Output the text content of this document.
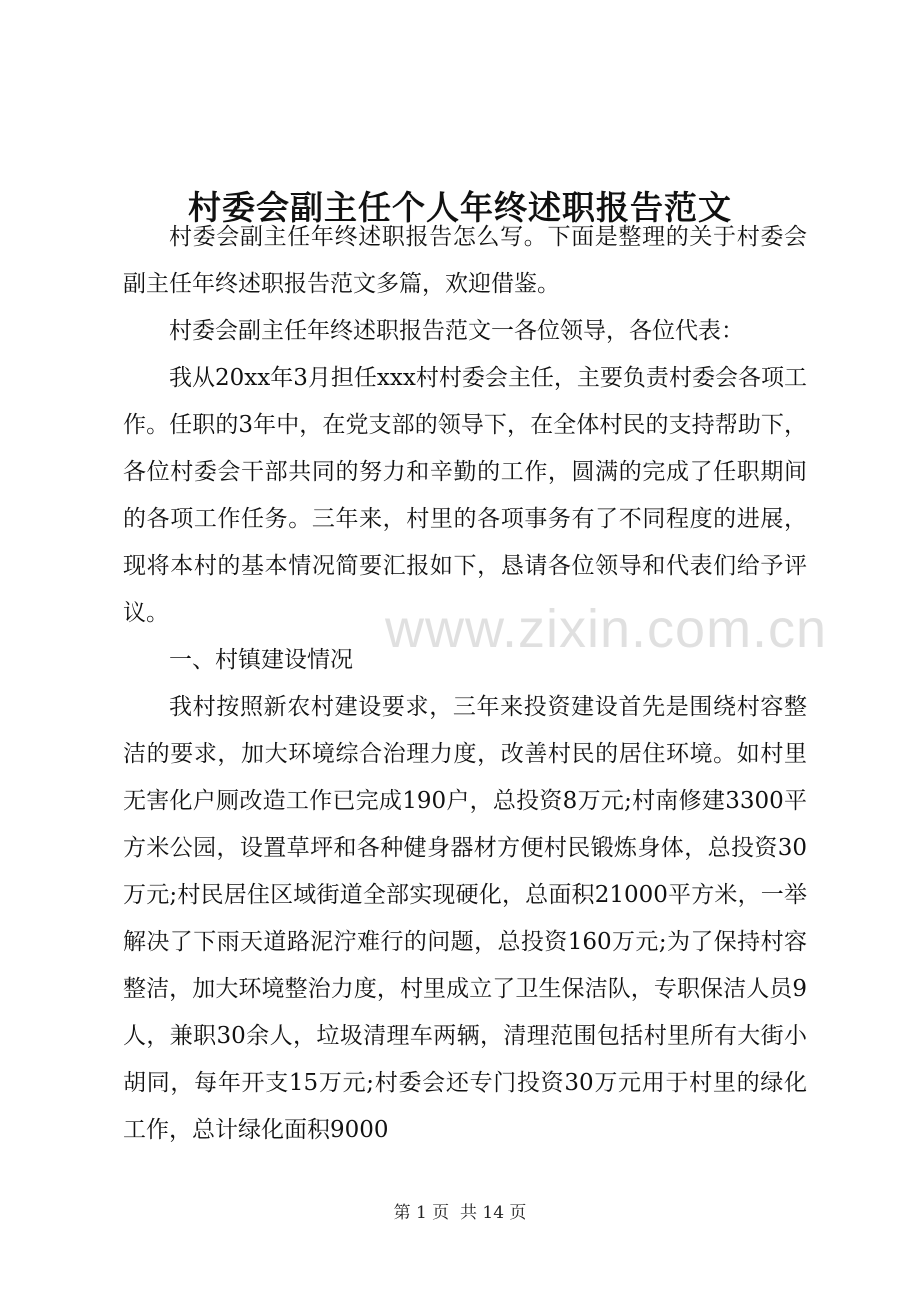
村委会副主任个人年终述职报告范文

村委会副主任年终述职报告怎么写。下面是整理的关于村委会副主任年终述职报告范文多篇，欢迎借鉴。

村委会副主任年终述职报告范文一各位领导，各位代表：

我从20xx年3月担任xxx村村委会主任，主要负责村委会各项工作。任职的3年中，在党支部的领导下，在全体村民的支持帮助下，各位村委会干部共同的努力和辛勤的工作，圆满的完成了任职期间的各项工作任务。三年来，村里的各项事务有了不同程度的进展，现将本村的基本情况简要汇报如下，恳请各位领导和代表们给予评议。

一、村镇建设情况

我村按照新农村建设要求，三年来投资建设首先是围绕村容整洁的要求，加大环境综合治理力度，改善村民的居住环境。如村里无害化户厕改造工作已完成190户，总投资8万元;村南修建3300平方米公园，设置草坪和各种健身器材方便村民锻炼身体，总投资30万元;村民居住区域街道全部实现硬化，总面积21000平方米，一举解决了下雨天道路泥泞难行的问题，总投资160万元;为了保持村容整洁，加大环境整治力度，村里成立了卫生保洁队，专职保洁人员9人，兼职30余人，垃圾清理车两辆，清理范围包括村里所有大街小胡同，每年开支15万元;村委会还专门投资30万元用于村里的绿化工作，总计绿化面积9000

www.zixin.com.cn
第 1 页  共 14 页
